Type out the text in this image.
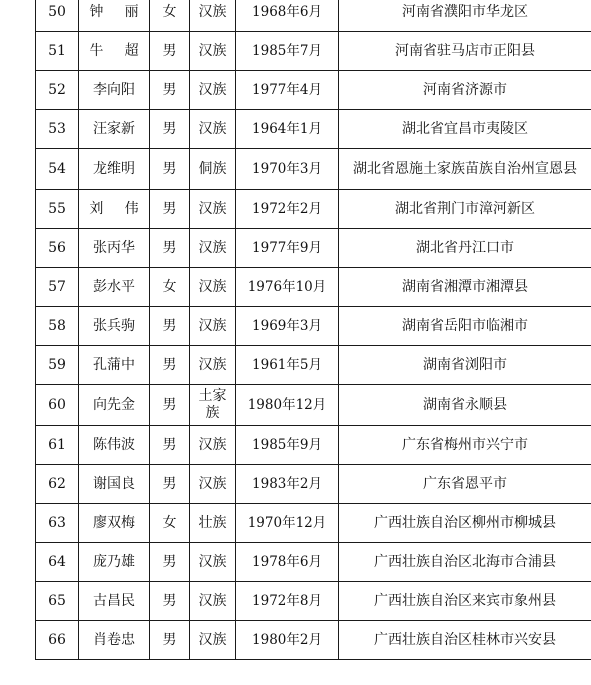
50	钟 丽	女	汉族	1968年6月	河南省濮阳市华龙区
51	牛 超	男	汉族	1985年7月	河南省驻马店市正阳县
52	李向阳	男	汉族	1977年4月	河南省济源市
53	汪家新	男	汉族	1964年1月	湖北省宜昌市夷陵区
54	龙维明	男	侗族	1970年3月	湖北省恩施土家族苗族自治州宣恩县
55	刘 伟	男	汉族	1972年2月	湖北省荆门市漳河新区
56	张丙华	男	汉族	1977年9月	湖北省丹江口市
57	彭水平	女	汉族	1976年10月	湖南省湘潭市湘潭县
58	张兵驹	男	汉族	1969年3月	湖南省岳阳市临湘市
59	孔蒲中	男	汉族	1961年5月	湖南省浏阳市
60	向先金	男	土家族	1980年12月	湖南省永顺县
61	陈伟波	男	汉族	1985年9月	广东省梅州市兴宁市
62	谢国良	男	汉族	1983年2月	广东省恩平市
63	廖双梅	女	壮族	1970年12月	广西壮族自治区柳州市柳城县
64	庞乃雄	男	汉族	1978年6月	广西壮族自治区北海市合浦县
65	古昌民	男	汉族	1972年8月	广西壮族自治区来宾市象州县
66	肖卷忠	男	汉族	1980年2月	广西壮族自治区桂林市兴安县
